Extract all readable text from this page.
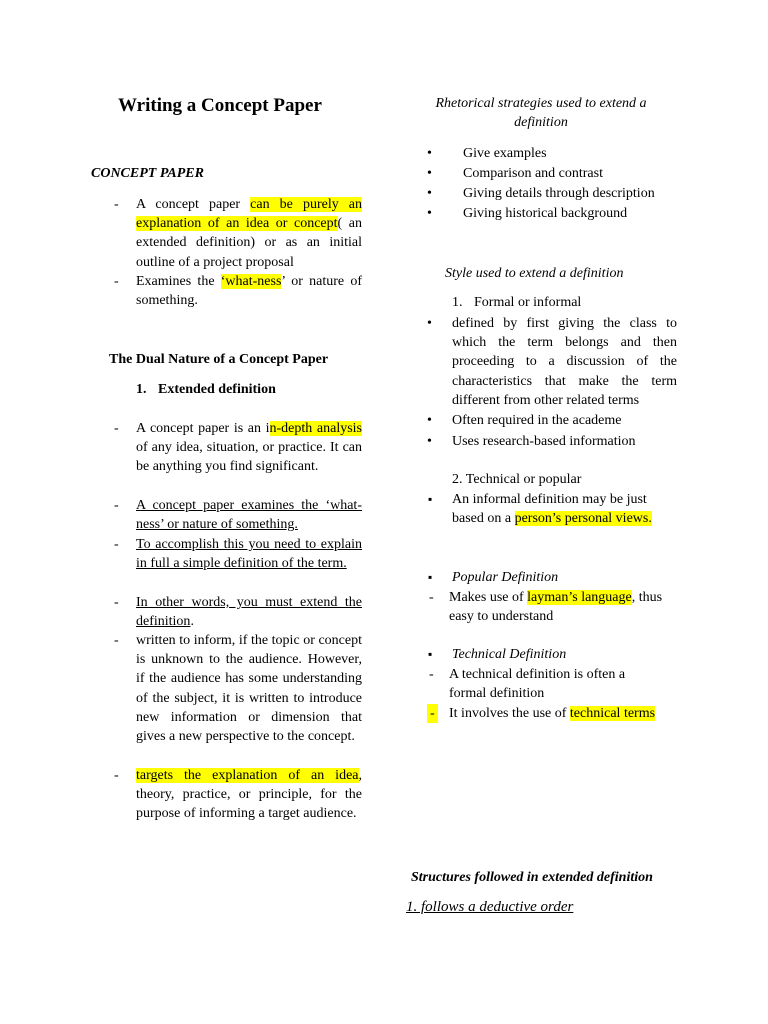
Writing a Concept Paper
CONCEPT PAPER
- A concept paper can be purely an explanation of an idea or concept( an extended definition) or as an initial outline of a project proposal
- Examines the ‘what-ness’ or nature of something.
The Dual Nature of a Concept Paper
1. Extended definition
- A concept paper is an in-depth analysis of any idea, situation, or practice. It can be anything you find significant.
- A concept paper examines the ‘what-ness’ or nature of something.
- To accomplish this you need to explain in full a simple definition of the term.
- In other words, you must extend the definition.
- written to inform, if the topic or concept is unknown to the audience. However, if the audience has some understanding of the subject, it is written to introduce new information or dimension that gives a new perspective to the concept.
- targets the explanation of an idea, theory, practice, or principle, for the purpose of informing a target audience.
Rhetorical strategies used to extend a definition
• Give examples
• Comparison and contrast
• Giving details through description
• Giving historical background
Style used to extend a definition
1. Formal or informal
• defined by first giving the class to which the term belongs and then proceeding to a discussion of the characteristics that make the term different from other related terms
• Often required in the academe
• Uses research-based information
2. Technical or popular
▪ An informal definition may be just based on a person’s personal views.
▪ Popular Definition
- Makes use of layman’s language, thus easy to understand
▪ Technical Definition
- A technical definition is often a formal definition
- It involves the use of technical terms
Structures followed in extended definition
1. follows a deductive order
